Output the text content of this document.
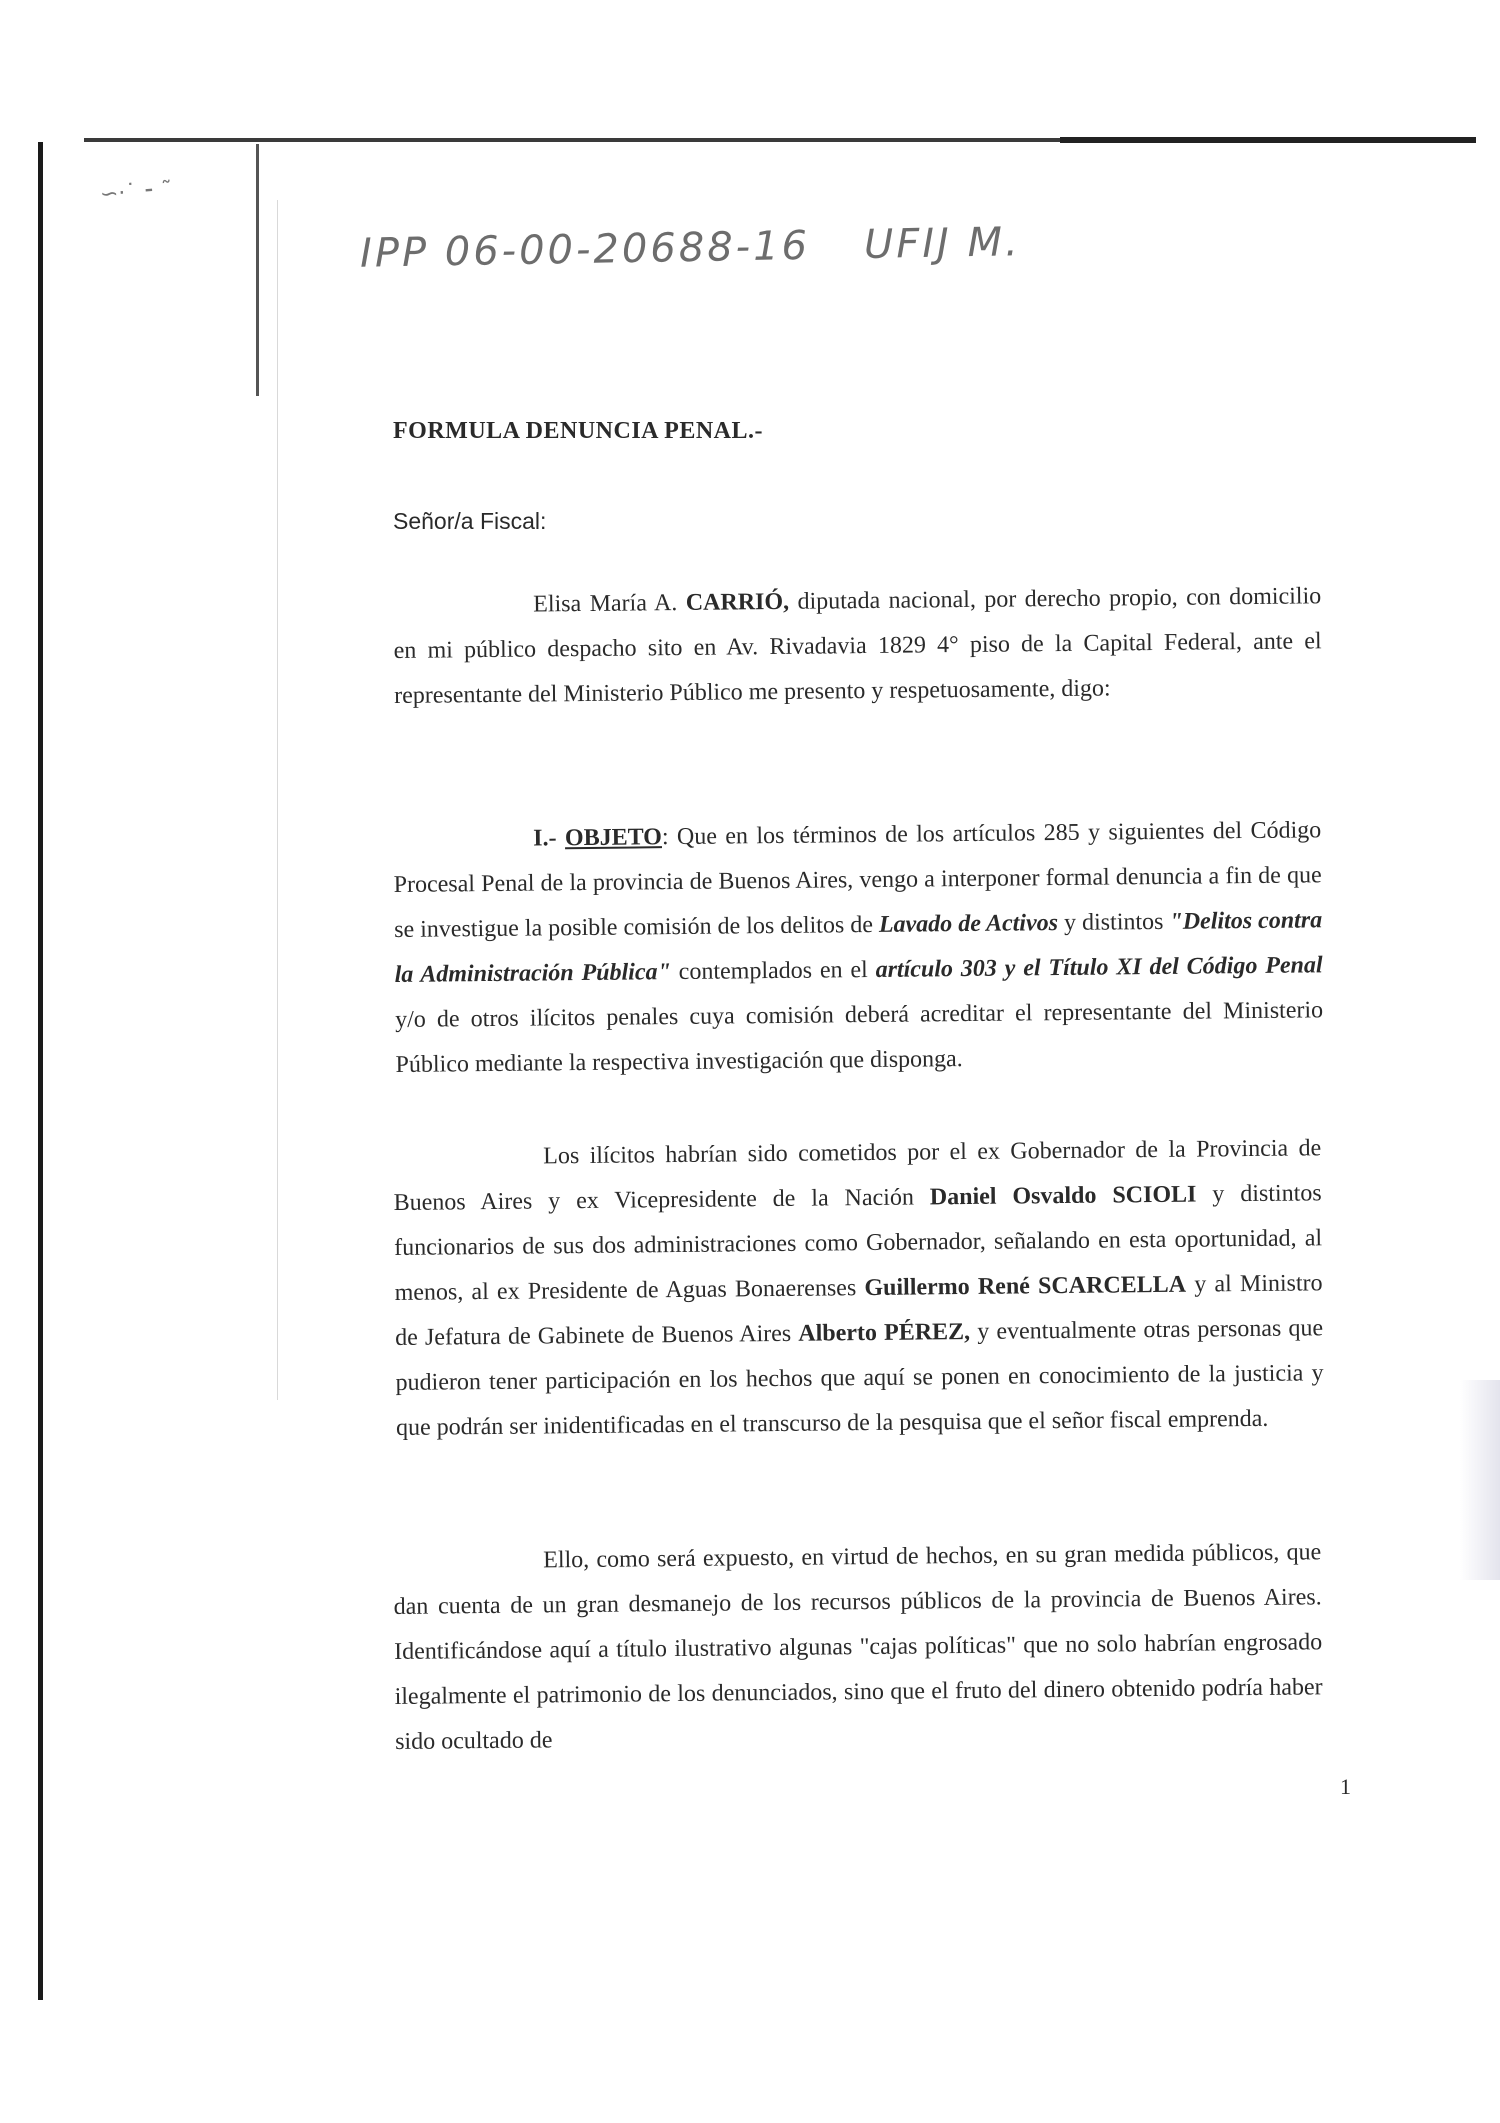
∽·˙ ⁃ ˜
IPP 06-00-20688-16 UFIJ M.
FORMULA DENUNCIA PENAL.-
Señor/a Fiscal:
Elisa María A. CARRIÓ, diputada nacional, por derecho propio, con domicilio en mi público despacho sito en Av. Rivadavia 1829 4° piso de la Capital Federal, ante el representante del Ministerio Público me presento y respetuosamente, digo:
I.- OBJETO: Que en los términos de los artículos 285 y siguientes del Código Procesal Penal de la provincia de Buenos Aires, vengo a interponer formal denuncia a fin de que se investigue la posible comisión de los delitos de Lavado de Activos y distintos "Delitos contra la Administración Pública" contemplados en el artículo 303 y el Título XI del Código Penal y/o de otros ilícitos penales cuya comisión deberá acreditar el representante del Ministerio Público mediante la respectiva investigación que disponga.
Los ilícitos habrían sido cometidos por el ex Gobernador de la Provincia de Buenos Aires y ex Vicepresidente de la Nación Daniel Osvaldo SCIOLI y distintos funcionarios de sus dos administraciones como Gobernador, señalando en esta oportunidad, al menos, al ex Presidente de Aguas Bonaerenses Guillermo René SCARCELLA y al Ministro de Jefatura de Gabinete de Buenos Aires Alberto PÉREZ, y eventualmente otras personas que pudieron tener participación en los hechos que aquí se ponen en conocimiento de la justicia y que podrán ser inidentificadas en el transcurso de la pesquisa que el señor fiscal emprenda.
Ello, como será expuesto, en virtud de hechos, en su gran medida públicos, que dan cuenta de un gran desmanejo de los recursos públicos de la provincia de Buenos Aires. Identificándose aquí a título ilustrativo algunas "cajas políticas" que no solo habrían engrosado ilegalmente el patrimonio de los denunciados, sino que el fruto del dinero obtenido podría haber sido ocultado de
1
